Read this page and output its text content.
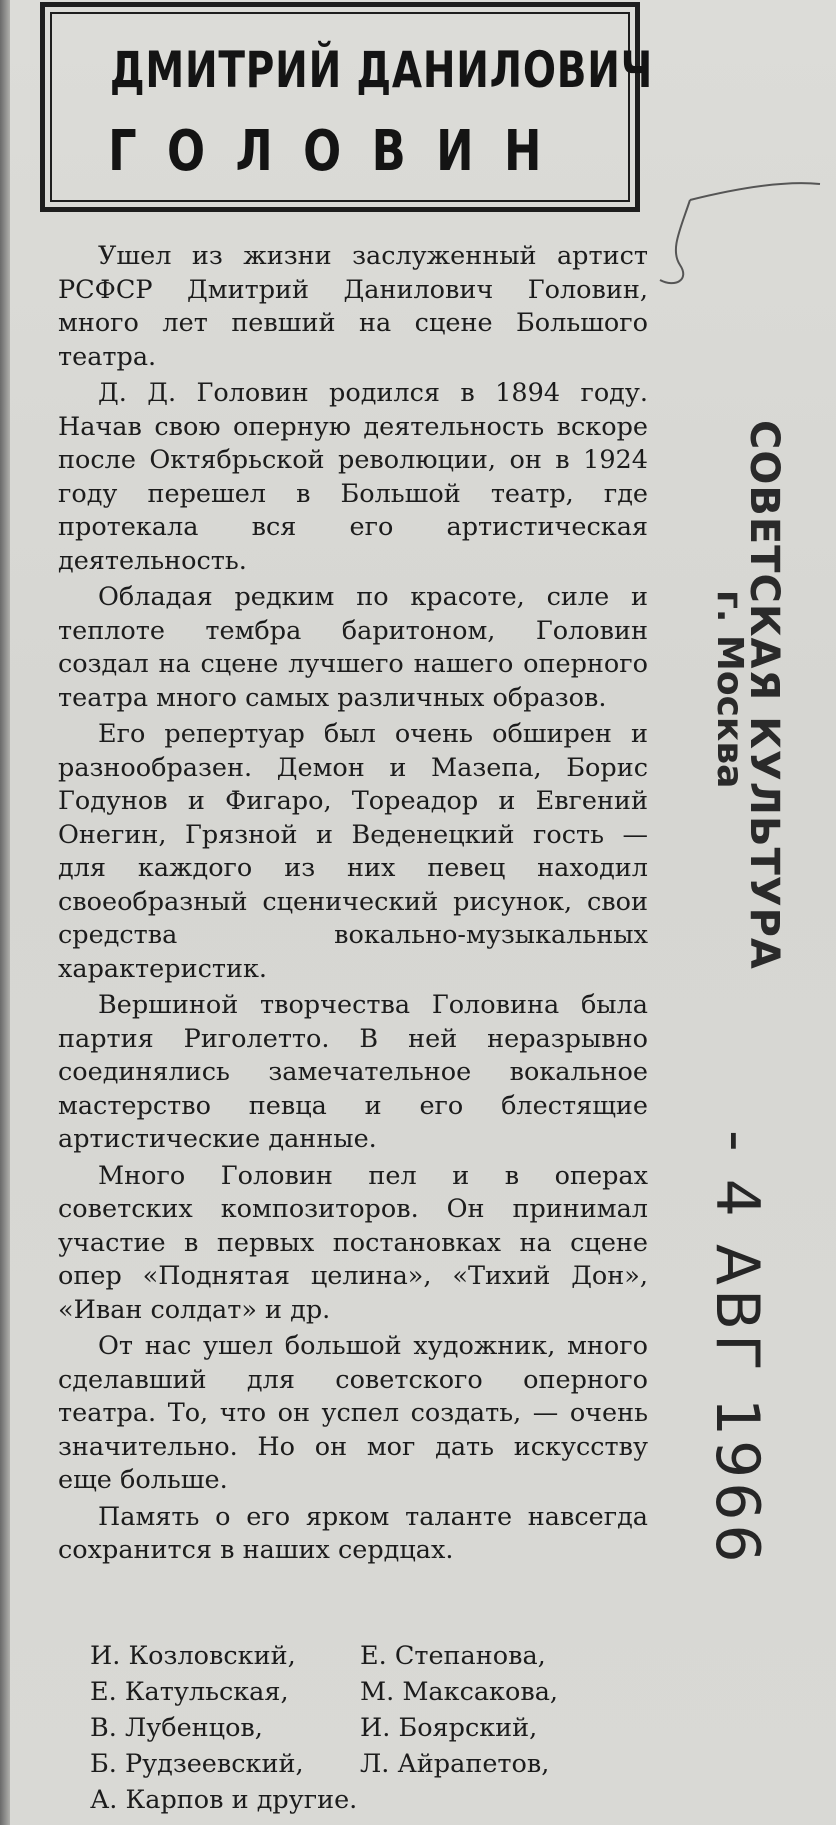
ДМИТРИЙ ДАНИЛОВИЧ
ГОЛОВИН

Ушел из жизни заслуженный артист РСФСР Дмитрий Данилович Головин, много лет певший на сцене Большого театра.

Д. Д. Головин родился в 1894 году. Начав свою оперную деятельность вскоре после Октябрьской революции, он в 1924 году перешел в Большой театр, где протекала вся его артистическая деятельность.

Обладая редким по красоте, силе и теплоте тембра баритоном, Головин создал на сцене лучшего нашего оперного театра много самых различных образов.

Его репертуар был очень обширен и разнообразен. Демон и Мазепа, Борис Годунов и Фигаро, Тореадор и Евгений Онегин, Грязной и Веденецкий гость — для каждого из них певец находил своеобразный сценический рисунок, свои средства вокально-музыкальных характеристик.

Вершиной творчества Головина была партия Риголетто. В ней неразрывно соединялись замечательное вокальное мастерство певца и его блестящие артистические данные.

Много Головин пел и в операх советских композиторов. Он принимал участие в первых постановках на сцене опер «Поднятая целина», «Тихий Дон», «Иван солдат» и др.

От нас ушел большой художник, много сделавший для советского оперного театра. То, что он успел создать, — очень значительно. Но он мог дать искусству еще больше.

Память о его ярком таланте навсегда сохранится в наших сердцах.

И. Козловский,	Е. Степанова,
Е. Катульская,	М. Максакова,
В. Лубенцов,	И. Боярский,
Б. Рудзеевский,	Л. Айрапетов,
А. Карпов и другие.
СОВЕТСКАЯ КУЛЬТУРА
г. Москва
- 4 АВГ 1966
